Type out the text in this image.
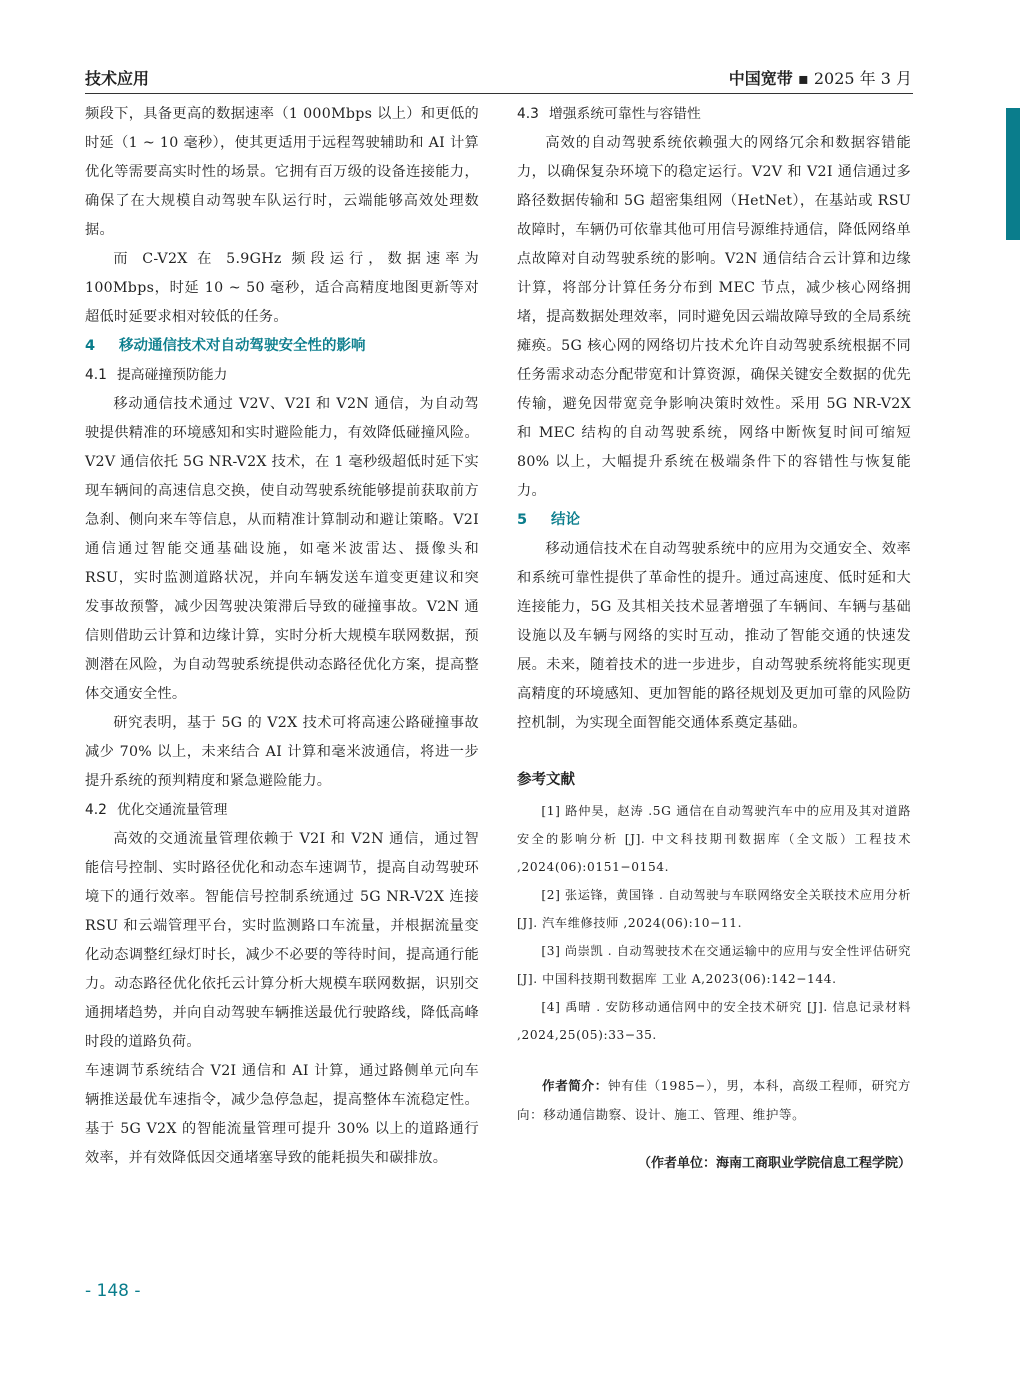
技术应用	中国宽带 ▪ 2025 年 3 月

频段下，具备更高的数据速率（1 000Mbps 以上）和更低的时延（1 ~ 10 毫秒），使其更适用于远程驾驶辅助和 AI 计算优化等需要高实时性的场景。它拥有百万级的设备连接能力，确保了在大规模自动驾驶车队运行时，云端能够高效处理数据。

而 C-V2X 在 5.9GHz 频段运行，数据速率为 100Mbps，时延 10 ~ 50 毫秒，适合高精度地图更新等对超低时延要求相对较低的任务。

4 移动通信技术对自动驾驶安全性的影响
4.1 提高碰撞预防能力

移动通信技术通过 V2V、V2I 和 V2N 通信，为自动驾驶提供精准的环境感知和实时避险能力，有效降低碰撞风险。V2V 通信依托 5G NR-V2X 技术，在 1 毫秒级超低时延下实现车辆间的高速信息交换，使自动驾驶系统能够提前获取前方急刹、侧向来车等信息，从而精准计算制动和避让策略。V2I 通信通过智能交通基础设施，如毫米波雷达、摄像头和 RSU，实时监测道路状况，并向车辆发送车道变更建议和突发事故预警，减少因驾驶决策滞后导致的碰撞事故。V2N 通信则借助云计算和边缘计算，实时分析大规模车联网数据，预测潜在风险，为自动驾驶系统提供动态路径优化方案，提高整体交通安全性。

研究表明，基于 5G 的 V2X 技术可将高速公路碰撞事故减少 70% 以上，未来结合 AI 计算和毫米波通信，将进一步提升系统的预判精度和紧急避险能力。

4.2 优化交通流量管理

高效的交通流量管理依赖于 V2I 和 V2N 通信，通过智能信号控制、实时路径优化和动态车速调节，提高自动驾驶环境下的通行效率。智能信号控制系统通过 5G NR-V2X 连接 RSU 和云端管理平台，实时监测路口车流量，并根据流量变化动态调整红绿灯时长，减少不必要的等待时间，提高通行能力。动态路径优化依托云计算分析大规模车联网数据，识别交通拥堵趋势，并向自动驾驶车辆推送最优行驶路线，降低高峰时段的道路负荷。

车速调节系统结合 V2I 通信和 AI 计算，通过路侧单元向车辆推送最优车速指令，减少急停急起，提高整体车流稳定性。基于 5G V2X 的智能流量管理可提升 30% 以上的道路通行效率，并有效降低因交通堵塞导致的能耗损失和碳排放。

4.3 增强系统可靠性与容错性

高效的自动驾驶系统依赖强大的网络冗余和数据容错能力，以确保复杂环境下的稳定运行。V2V 和 V2I 通信通过多路径数据传输和 5G 超密集组网（HetNet），在基站或 RSU 故障时，车辆仍可依靠其他可用信号源维持通信，降低网络单点故障对自动驾驶系统的影响。V2N 通信结合云计算和边缘计算，将部分计算任务分布到 MEC 节点，减少核心网络拥堵，提高数据处理效率，同时避免因云端故障导致的全局系统瘫痪。5G 核心网的网络切片技术允许自动驾驶系统根据不同任务需求动态分配带宽和计算资源，确保关键安全数据的优先传输，避免因带宽竞争影响决策时效性。采用 5G NR-V2X 和 MEC 结构的自动驾驶系统，网络中断恢复时间可缩短 80% 以上，大幅提升系统在极端条件下的容错性与恢复能力。

5 结论

移动通信技术在自动驾驶系统中的应用为交通安全、效率和系统可靠性提供了革命性的提升。通过高速度、低时延和大连接能力，5G 及其相关技术显著增强了车辆间、车辆与基础设施以及车辆与网络的实时互动，推动了智能交通的快速发展。未来，随着技术的进一步进步，自动驾驶系统将能实现更高精度的环境感知、更加智能的路径规划及更加可靠的风险防控机制，为实现全面智能交通体系奠定基础。

参考文献

[1] 路仲昊，赵涛 .5G 通信在自动驾驶汽车中的应用及其对道路安全的影响分析 [J]. 中文科技期刊数据库（全文版）工程技术 ,2024(06):0151−0154.

[2] 张运锋，黄国锋 . 自动驾驶与车联网络安全关联技术应用分析 [J]. 汽车维修技师 ,2024(06):10−11.

[3] 尚崇凯 . 自动驾驶技术在交通运输中的应用与安全性评估研究 [J]. 中国科技期刊数据库 工业 A,2023(06):142−144.

[4] 禹晴 . 安防移动通信网中的安全技术研究 [J]. 信息记录材料 ,2024,25(05):33−35.

作者简介：钟有佳（1985−），男，本科，高级工程师，研究方向：移动通信勘察、设计、施工、管理、维护等。

（作者单位：海南工商职业学院信息工程学院）

- 148 -
